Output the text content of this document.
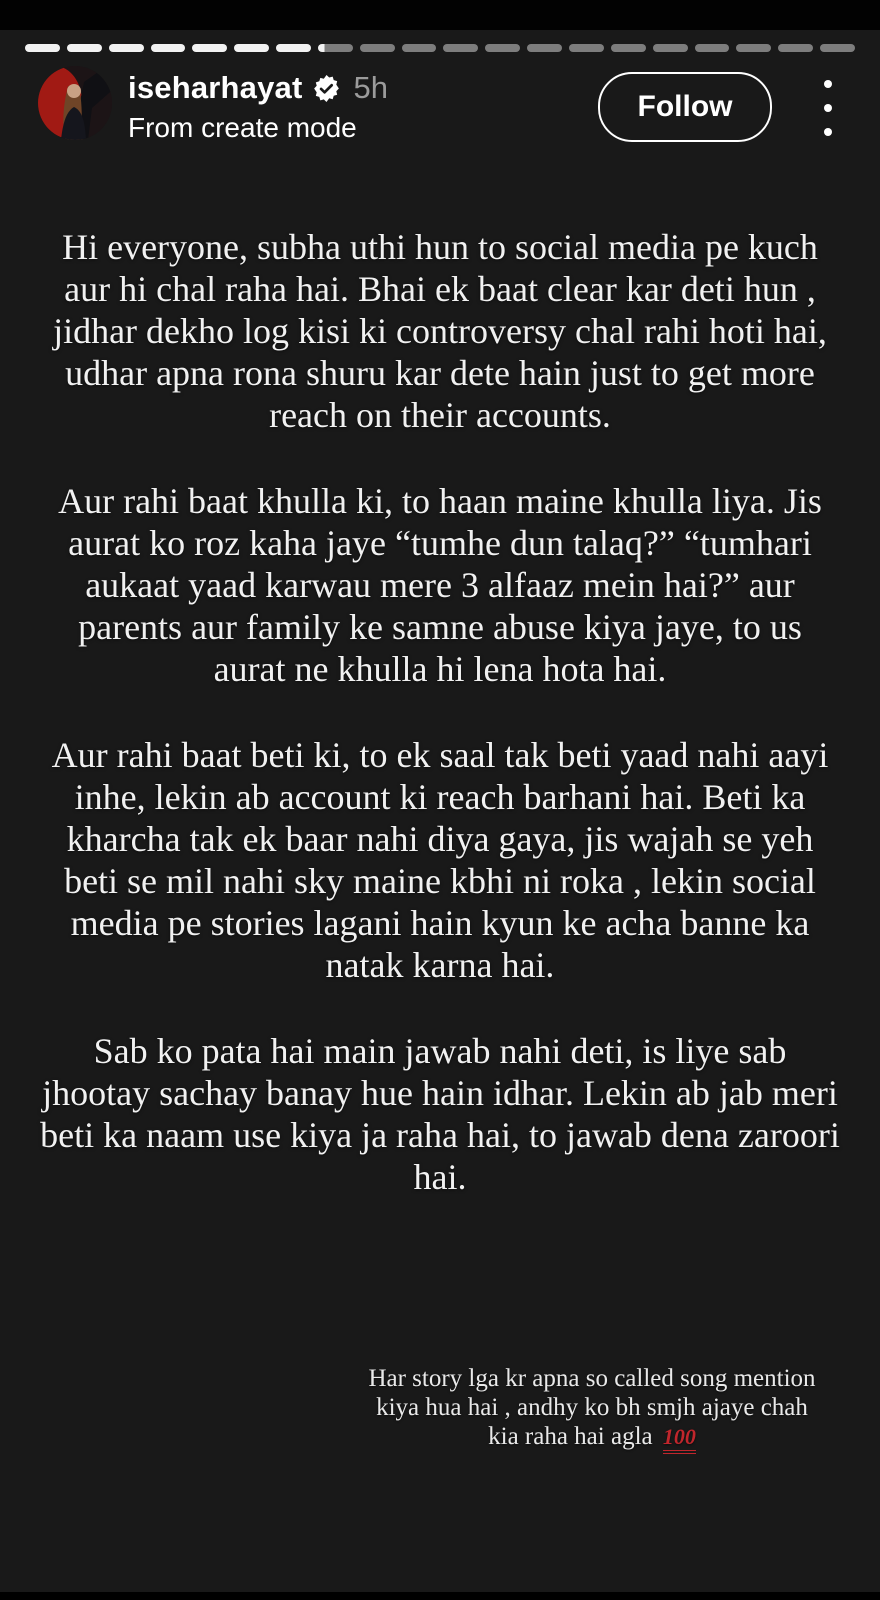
iseharhayat 5h
From create mode
Follow

Hi everyone, subha uthi hun to social media pe kuch aur hi chal raha hai. Bhai ek baat clear kar deti hun , jidhar dekho log kisi ki controversy chal rahi hoti hai, udhar apna rona shuru kar dete hain just to get more reach on their accounts.

Aur rahi baat khulla ki, to haan maine khulla liya. Jis aurat ko roz kaha jaye “tumhe dun talaq?” “tumhari aukaat yaad karwau mere 3 alfaaz mein hai?” aur parents aur family ke samne abuse kiya jaye, to us aurat ne khulla hi lena hota hai.

Aur rahi baat beti ki, to ek saal tak beti yaad nahi aayi inhe, lekin ab account ki reach barhani hai. Beti ka kharcha tak ek baar nahi diya gaya, jis wajah se yeh beti se mil nahi sky maine kbhi ni roka , lekin social media pe stories lagani hain kyun ke acha banne ka natak karna hai.

Sab ko pata hai main jawab nahi deti, is liye sab jhootay sachay banay hue hain idhar. Lekin ab jab meri beti ka naam use kiya ja raha hai, to jawab dena zaroori hai.

Har story lga kr apna so called song mention kiya hua hai , andhy ko bh smjh ajaye chah kia raha hai agla 100
